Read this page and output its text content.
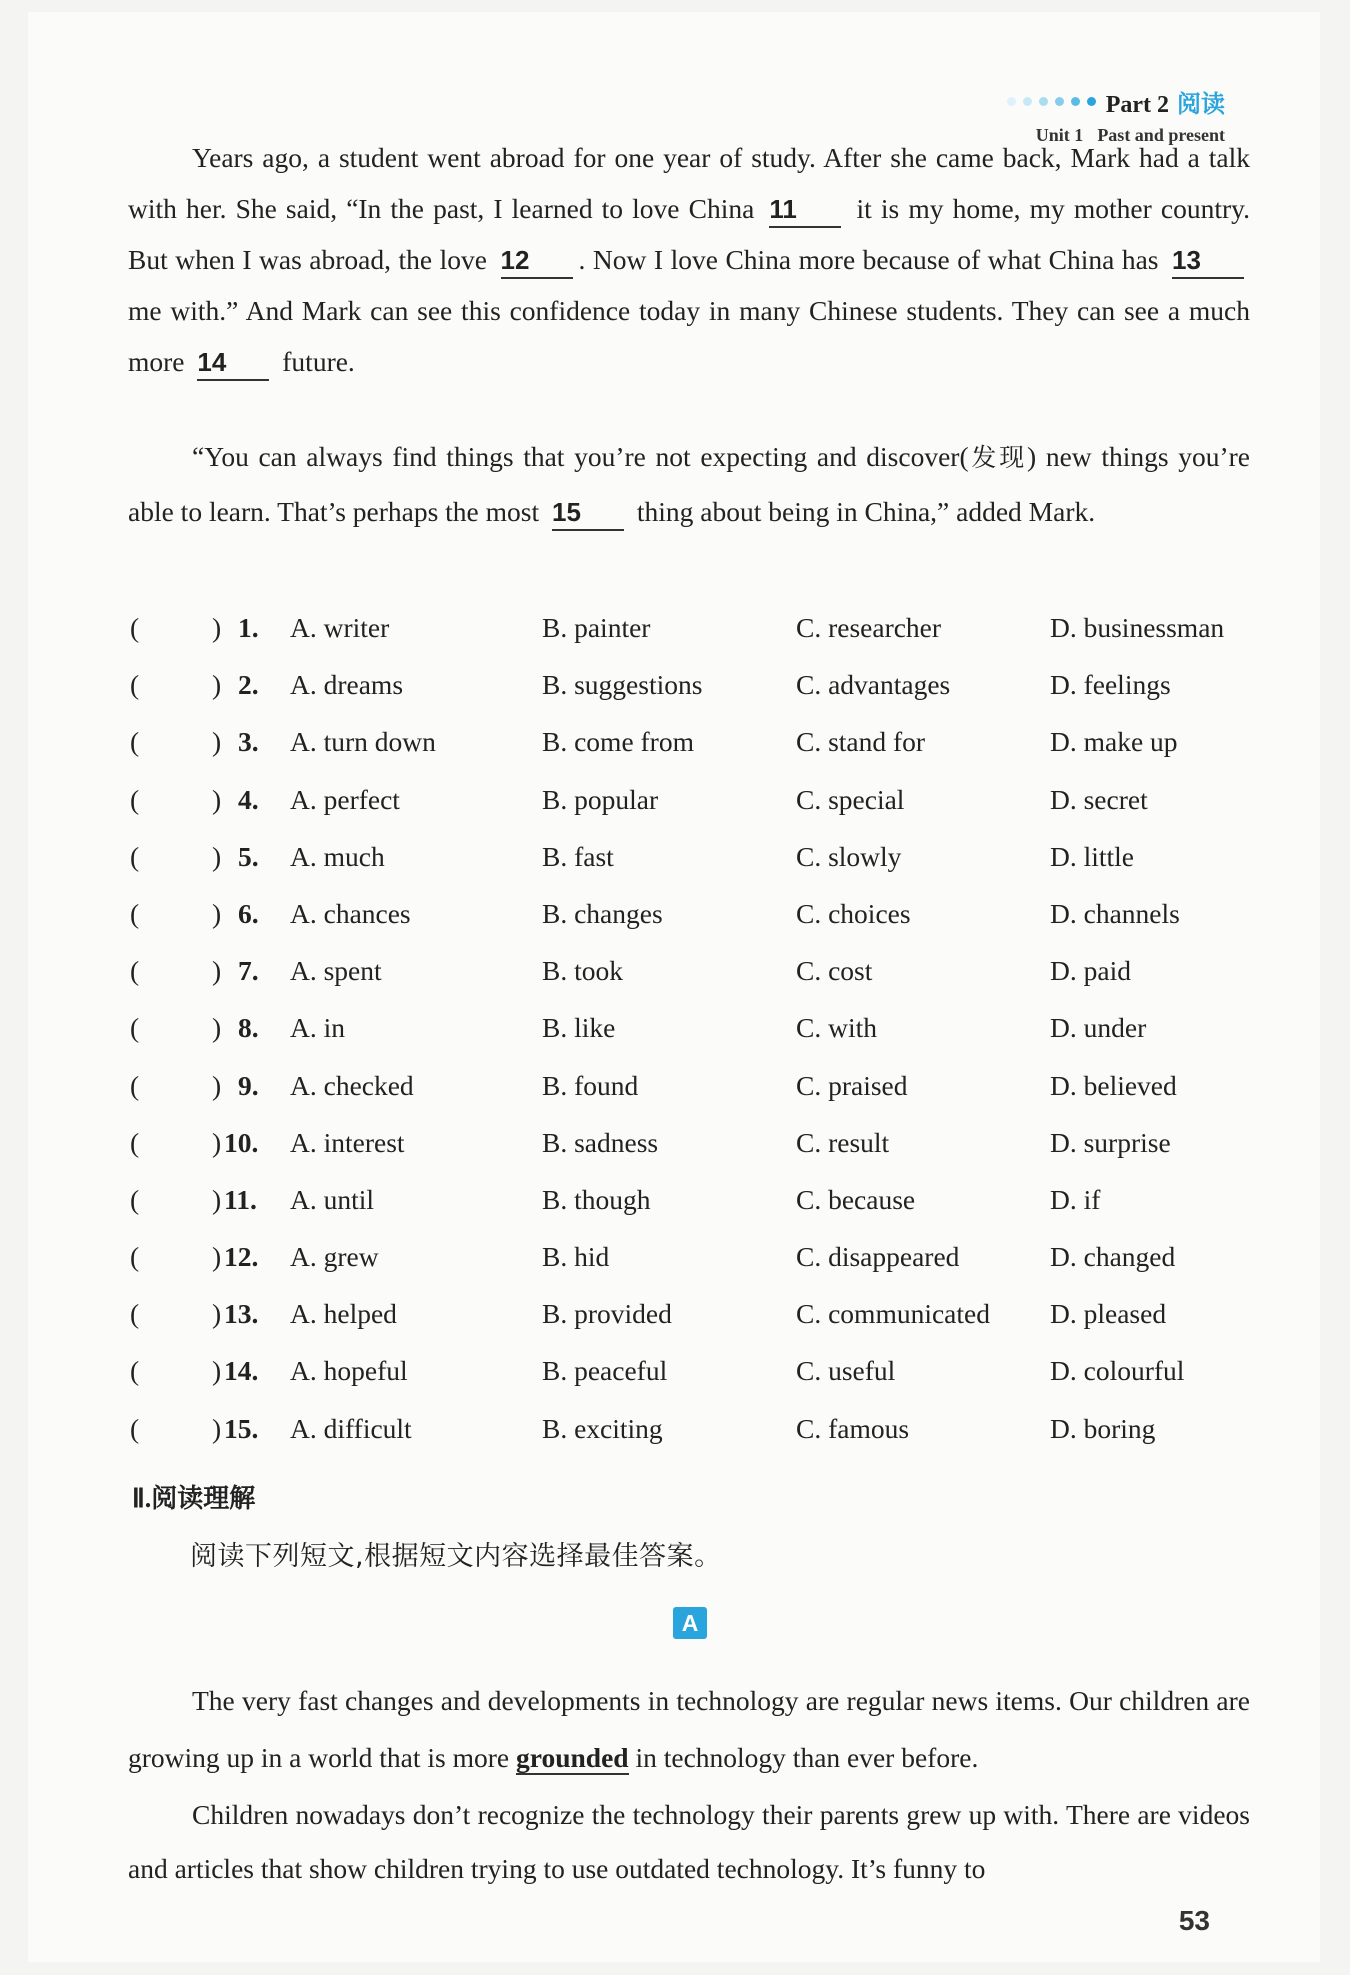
Part 2 阅读
Unit 1 Past and present
Years ago, a student went abroad for one year of study. After she came back, Mark had a talk with her. She said, “In the past, I learned to love China 11 it is my home, my mother country. But when I was abroad, the love 12 . Now I love China more because of what China has 13 me with.” And Mark can see this confidence today in many Chinese students. They can see a much more 14 future.
“You can always find things that you’re not expecting and discover(发现) new things you’re able to learn. That’s perhaps the most 15 thing about being in China,” added Mark.
(	) 1. A. writer	B. painter	C. researcher	D. businessman
(	) 2. A. dreams	B. suggestions	C. advantages	D. feelings
(	) 3. A. turn down	B. come from	C. stand for	D. make up
(	) 4. A. perfect	B. popular	C. special	D. secret
(	) 5. A. much	B. fast	C. slowly	D. little
(	) 6. A. chances	B. changes	C. choices	D. channels
(	) 7. A. spent	B. took	C. cost	D. paid
(	) 8. A. in	B. like	C. with	D. under
(	) 9. A. checked	B. found	C. praised	D. believed
(	) 10. A. interest	B. sadness	C. result	D. surprise
(	) 11. A. until	B. though	C. because	D. if
(	) 12. A. grew	B. hid	C. disappeared	D. changed
(	) 13. A. helped	B. provided	C. communicated D. pleased
(	) 14. A. hopeful	B. peaceful	C. useful	D. colourful
(	) 15. A. difficult	B. exciting	C. famous	D. boring
Ⅱ.阅读理解
阅读下列短文,根据短文内容选择最佳答案。
A
The very fast changes and developments in technology are regular news items. Our children are growing up in a world that is more grounded in technology than ever before.
Children nowadays don’t recognize the technology their parents grew up with. There are videos and articles that show children trying to use outdated technology. It’s funny to
53
